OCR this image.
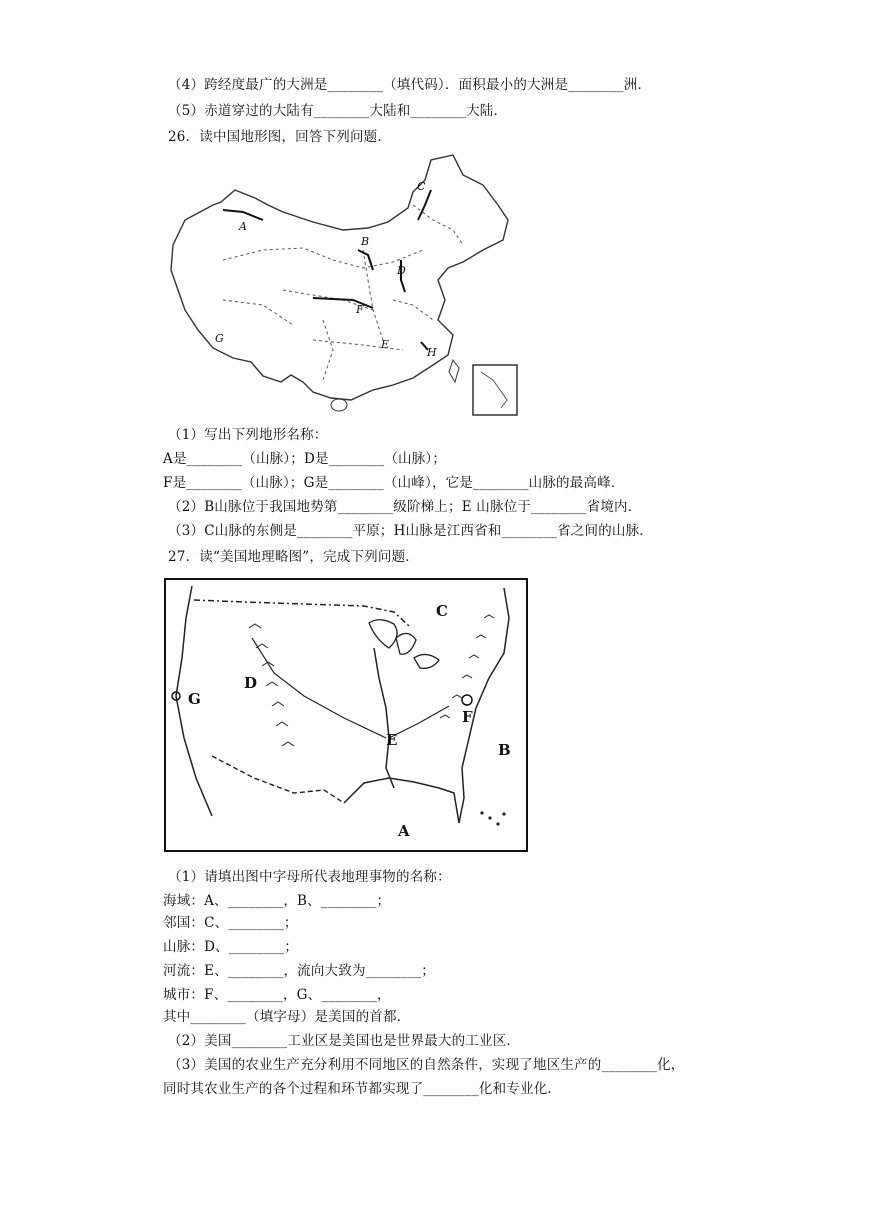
（4）跨经度最广的大洲是________（填代码）．面积最小的大洲是________洲．
（5）赤道穿过的大陆有________大陆和________大陆．
26．读中国地形图，回答下列问题．
A
B
C
D
F
G	E
H
（1）写出下列地形名称：
A是________（山脉）；D是________（山脉）；
F是________（山脉）；G是________（山峰），它是________山脉的最高峰．
（2）B山脉位于我国地势第________级阶梯上；E 山脉位于________省境内．
（3）C山脉的东侧是________平原；H山脉是江西省和________省之间的山脉．
27．读“美国地理略图”，完成下列问题．
C
D
G
F
E
B
A
（1）请填出图中字母所代表地理事物的名称：
海域：A、________，B、________；
邻国：C、________；
山脉：D、________；
河流：E、________，流向大致为________；
城市：F、________，G、________，
其中________（填字母）是美国的首都．
（2）美国________工业区是美国也是世界最大的工业区．
（3）美国的农业生产充分利用不同地区的自然条件，实现了地区生产的________化，
同时其农业生产的各个过程和环节都实现了________化和专业化．
